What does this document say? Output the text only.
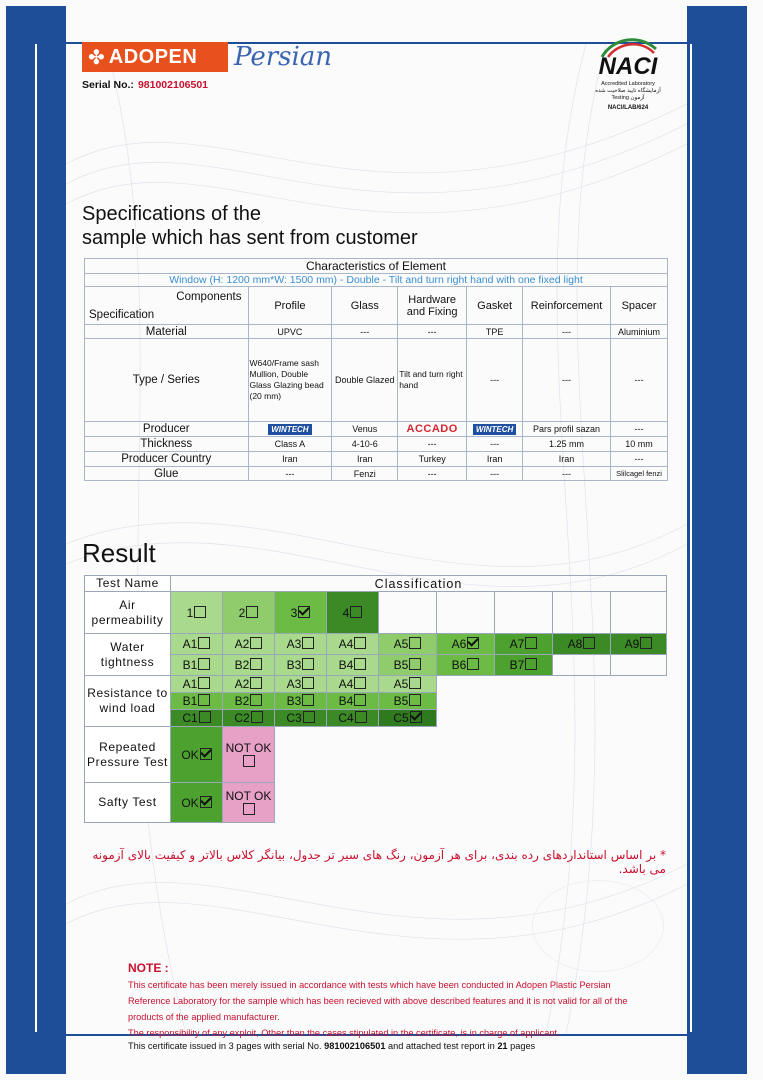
✤ ADOPEN Persian
Serial No.: 981002106501
NACI
Accredited Laboratory
آزمایشگاه تایید صلاحیت شده
Testing آزمون
NACI/LAB/624
Specifications of the
sample which has sent from customer
Characteristics of Element						
Window (H: 1200 mm*W: 1500 mm) - Double - Tilt and turn right hand with one fixed light						

Components
Specification	Profile	Glass	Hardware and Fixing	Gasket	Reinforcement	Spacer
Material	UPVC	---	---	TPE	---	Aluminium
Type / Series	W640/Frame sash Mullion, Double Glass Glazing bead (20 mm)	Double Glazed	Tilt and turn right hand	---	---	---
Producer	WINTECH	Venus	ACCADO	WINTECH	Pars profil sazan	---
Thickness	Class A	4-10-6	---	---	1.25 mm	10 mm
Producer Country	Iran	Iran	Turkey	Iran	Iran	---
Glue	---	Fenzi	---	---	---	Slilcagel fenzi
Result
Test Name	Classification								
Air permeability	1	2	3	4					
Water tightness	A1	A2	A3	A4	A5	A6	A7	A8	A9
	B1	B2	B3	B4	B5	B6	B7		
Resistance to wind load	A1	A2	A3	A4	A5				
	B1	B2	B3	B4	B5				
	C1	C2	C3	C4	C5				
Repeated Pressure Test	OK	NOT OK							
Safty Test	OK	NOT OK							
* بر اساس استانداردهای رده بندی، برای هر آزمون، رنگ های سیر تر جدول، بیانگر کلاس بالاتر و کیفیت بالای آزمونه می باشد.
NOTE :
This certificate has been merely issued in accordance with tests which have been conducted in Adopen Plastic Persian Reference Laboratory for the sample which has been recieved with above described features and it is not valid for all of the products of the applied manufacturer.
The responsibility of any exploit, Other than the cases stipulated in the certificate, is in charge of applicant.
This certificate issued in 3 pages with serial No. 981002106501 and attached test report in 21 pages
